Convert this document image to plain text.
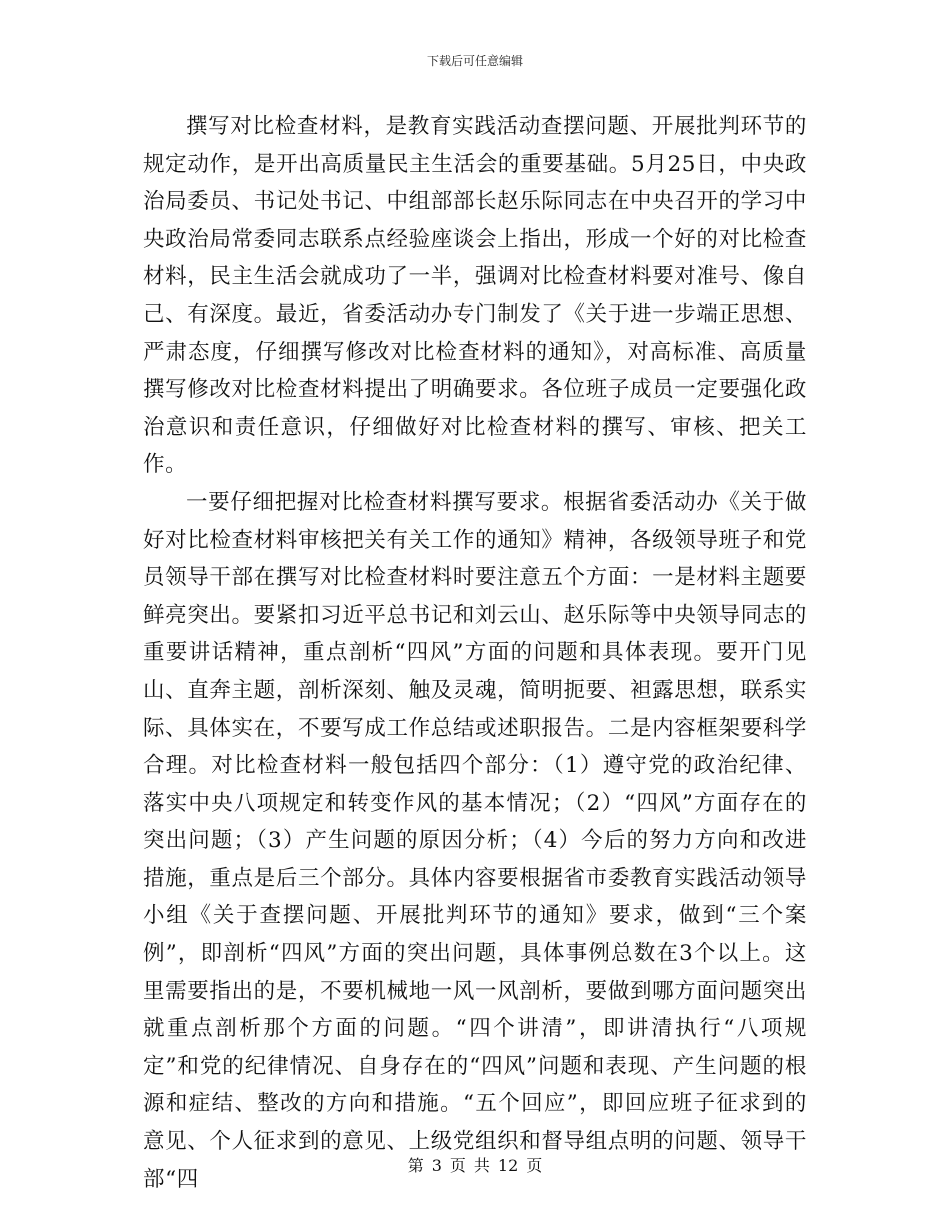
下载后可任意编辑

撰写对比检查材料，是教育实践活动查摆问题、开展批判环节的规定动作，是开出高质量民主生活会的重要基础。5月25日，中央政治局委员、书记处书记、中组部部长赵乐际同志在中央召开的学习中央政治局常委同志联系点经验座谈会上指出，形成一个好的对比检查材料，民主生活会就成功了一半，强调对比检查材料要对准号、像自己、有深度。最近，省委活动办专门制发了《关于进一步端正思想、严肃态度，仔细撰写修改对比检查材料的通知》，对高标准、高质量撰写修改对比检查材料提出了明确要求。各位班子成员一定要强化政治意识和责任意识，仔细做好对比检查材料的撰写、审核、把关工作。

一要仔细把握对比检查材料撰写要求。根据省委活动办《关于做好对比检查材料审核把关有关工作的通知》精神，各级领导班子和党员领导干部在撰写对比检查材料时要注意五个方面：一是材料主题要鲜亮突出。要紧扣习近平总书记和刘云山、赵乐际等中央领导同志的重要讲话精神，重点剖析“四风”方面的问题和具体表现。要开门见山、直奔主题，剖析深刻、触及灵魂，简明扼要、袒露思想，联系实际、具体实在，不要写成工作总结或述职报告。二是内容框架要科学合理。对比检查材料一般包括四个部分：（1）遵守党的政治纪律、落实中央八项规定和转变作风的基本情况；（2）“四风”方面存在的突出问题；（3）产生问题的原因分析；（4）今后的努力方向和改进措施，重点是后三个部分。具体内容要根据省市委教育实践活动领导小组《关于查摆问题、开展批判环节的通知》要求，做到“三个案例”，即剖析“四风”方面的突出问题，具体事例总数在3个以上。这里需要指出的是，不要机械地一风一风剖析，要做到哪方面问题突出就重点剖析那个方面的问题。“四个讲清”，即讲清执行“八项规定”和党的纪律情况、自身存在的“四风”问题和表现、产生问题的根源和症结、整改的方向和措施。“五个回应”，即回应班子征求到的意见、个人征求到的意见、上级党组织和督导组点明的问题、领导干部“四

第 3 页 共 12 页
